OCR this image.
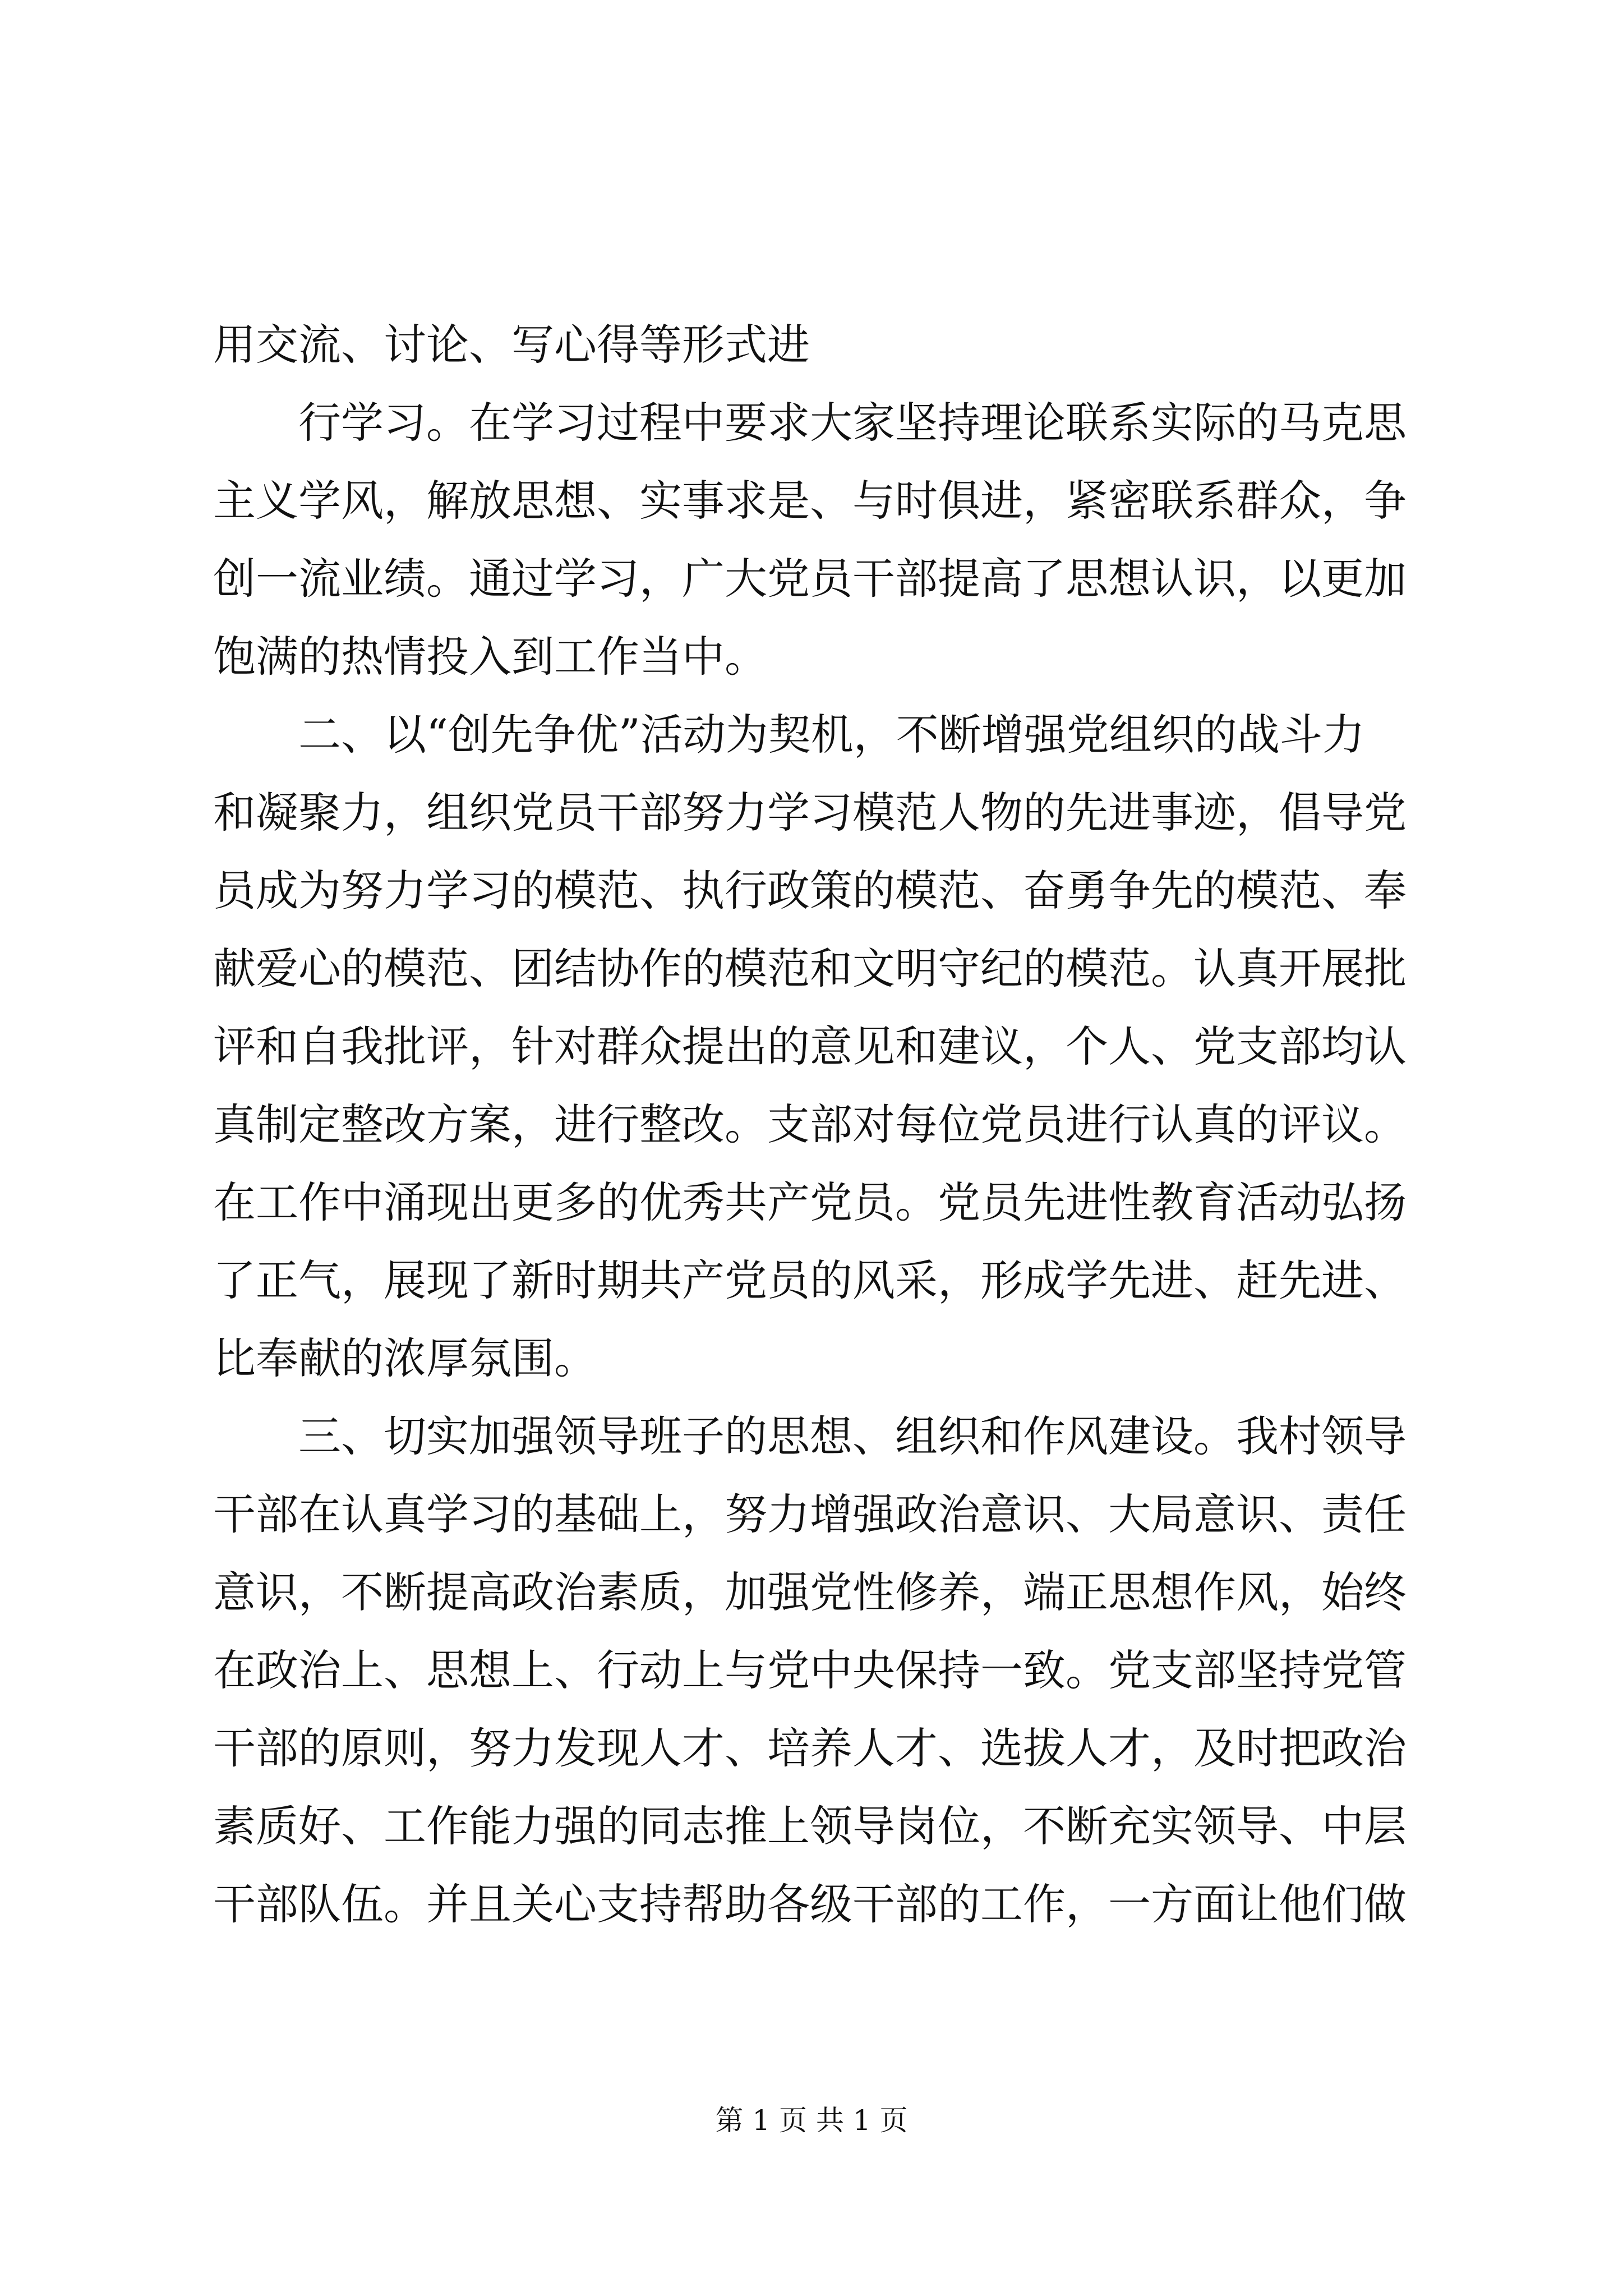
用交流、讨论、写心得等形式进
行学习。在学习过程中要求大家坚持理论联系实际的马克思
主义学风，解放思想、实事求是、与时俱进，紧密联系群众，争
创一流业绩。通过学习，广大党员干部提高了思想认识，以更加
饱满的热情投入到工作当中。
二、以“创先争优”活动为契机，不断增强党组织的战斗力
和凝聚力，组织党员干部努力学习模范人物的先进事迹，倡导党
员成为努力学习的模范、执行政策的模范、奋勇争先的模范、奉
献爱心的模范、团结协作的模范和文明守纪的模范。认真开展批
评和自我批评，针对群众提出的意见和建议，个人、党支部均认
真制定整改方案，进行整改。支部对每位党员进行认真的评议。
在工作中涌现出更多的优秀共产党员。党员先进性教育活动弘扬
了正气，展现了新时期共产党员的风采，形成学先进、赶先进、
比奉献的浓厚氛围。
三、切实加强领导班子的思想、组织和作风建设。我村领导
干部在认真学习的基础上，努力增强政治意识、大局意识、责任
意识，不断提高政治素质，加强党性修养，端正思想作风，始终
在政治上、思想上、行动上与党中央保持一致。党支部坚持党管
干部的原则，努力发现人才、培养人才、选拔人才，及时把政治
素质好、工作能力强的同志推上领导岗位，不断充实领导、中层
干部队伍。并且关心支持帮助各级干部的工作，一方面让他们做
第 1 页 共 1 页
